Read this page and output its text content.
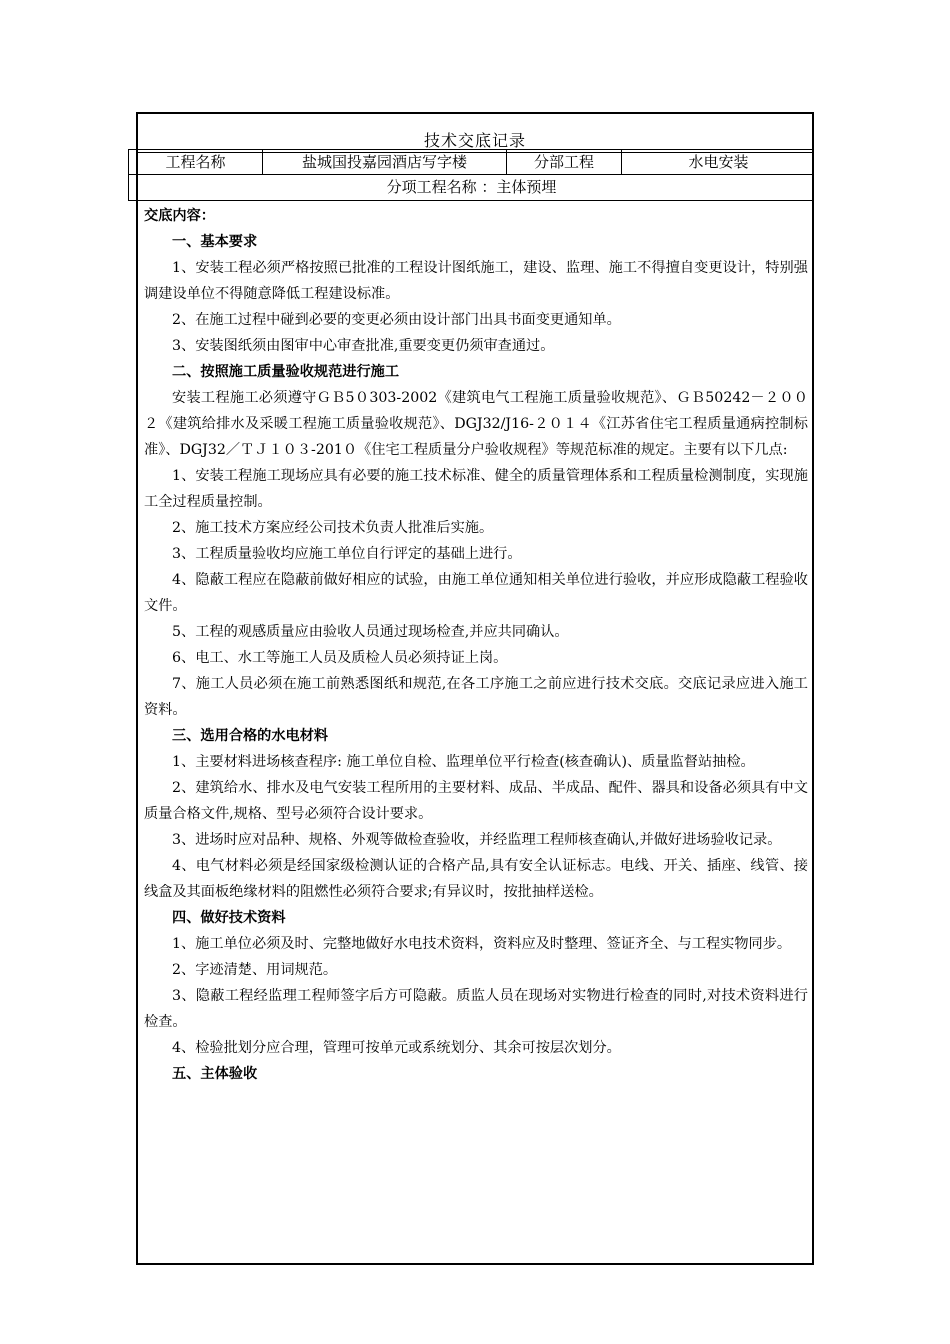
技术交底记录
工程名称	盐城国投嘉园酒店写字楼	分部工程	水电安装
分项工程名称 ：主体预埋

交底内容：

一、基本要求

1、安装工程必须严格按照已批准的工程设计图纸施工，建设、监理、施工不得擅自变更设计，特别强调建设单位不得随意降低工程建设标准。

2、在施工过程中碰到必要的变更必须由设计部门出具书面变更通知单。

3、安装图纸须由图审中心审查批准,重要变更仍须审查通过。

二、按照施工质量验收规范进行施工

安装工程施工必须遵守ＧＢ5０303-2002《建筑电气工程施工质量验收规范》、ＧＢ50242－２００２《建筑给排水及采暖工程施工质量验收规范》、DGJ32/J16-２０１４《江苏省住宅工程质量通病控制标准》、DGJ32／ＴＪ１０３-201０《住宅工程质量分户验收规程》等规范标准的规定。主要有以下几点:

1、安装工程施工现场应具有必要的施工技术标准、健全的质量管理体系和工程质量检测制度，实现施工全过程质量控制。

2、施工技术方案应经公司技术负责人批准后实施。

3、工程质量验收均应施工单位自行评定的基础上进行。

4、隐蔽工程应在隐蔽前做好相应的试验，由施工单位通知相关单位进行验收，并应形成隐蔽工程验收文件。

5、工程的观感质量应由验收人员通过现场检查,并应共同确认。

6、电工、水工等施工人员及质检人员必须持证上岗。

7、施工人员必须在施工前熟悉图纸和规范,在各工序施工之前应进行技术交底。交底记录应进入施工资料。

三、选用合格的水电材料

1、主要材料进场核查程序: 施工单位自检、监理单位平行检查(核查确认)、质量监督站抽检。

2、建筑给水、排水及电气安装工程所用的主要材料、成品、半成品、配件、器具和设备必须具有中文质量合格文件,规格、型号必须符合设计要求。

3、进场时应对品种、规格、外观等做检查验收，并经监理工程师核查确认,并做好进场验收记录。

4、电气材料必须是经国家级检测认证的合格产品,具有安全认证标志。电线、开关、插座、线管、接线盒及其面板绝缘材料的阻燃性必须符合要求;有异议时，按批抽样送检。

四、做好技术资料

1、施工单位必须及时、完整地做好水电技术资料，资料应及时整理、签证齐全、与工程实物同步。

2、字迹清楚、用词规范。

3、隐蔽工程经监理工程师签字后方可隐蔽。质监人员在现场对实物进行检查的同时,对技术资料进行检查。

4、检验批划分应合理，管理可按单元或系统划分、其余可按层次划分。

五、主体验收
